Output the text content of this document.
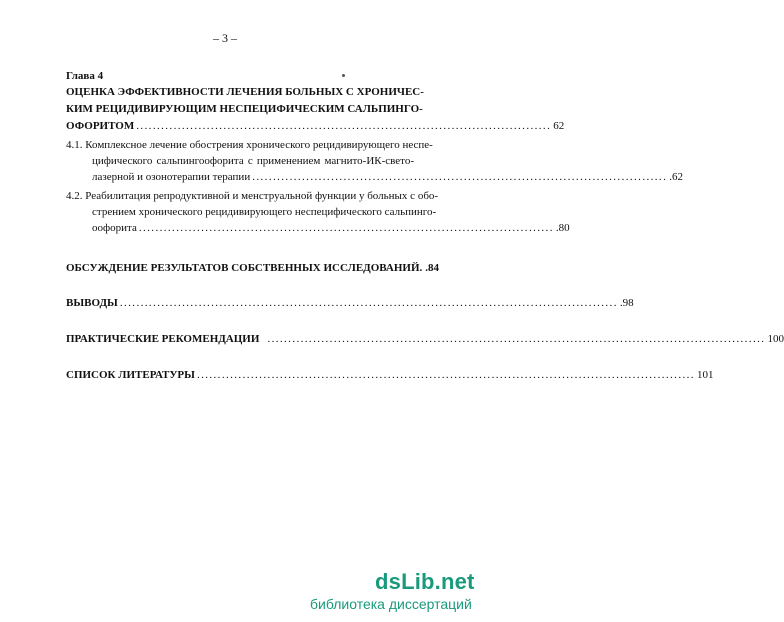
– 3 –
Глава 4
ОЦЕНКА ЭФФЕКТИВНОСТИ ЛЕЧЕНИЯ БОЛЬНЫХ С ХРОНИЧЕС-
КИМ РЕЦИДИВИРУЮЩИМ НЕСПЕЦИФИЧЕСКИМ САЛЬПИНГО-
ОФОРИТОМ .................................................................................................... 62
4.1. Комплексное лечение обострения хронического рецидивирующего неспе-
цифического сальпингоофорита с применением магнито-ИК-свето-
лазерной и озонотерапии терапии .................................................................................................... .62
4.2. Реабилитация репродуктивной и менструальной функции у больных с обо-
стрением хронического рецидивирующего неспецифического сальпинго-
оофорита .................................................................................................... .80
ОБСУЖДЕНИЕ РЕЗУЛЬТАТОВ СОБСТВЕННЫХ ИССЛЕДОВАНИЙ. .84
ВЫВОДЫ ........................................................................................................................ .98
ПРАКТИЧЕСКИЕ РЕКОМЕНДАЦИИ ........................................................................................................................ 100
СПИСОК ЛИТЕРАТУРЫ ........................................................................................................................ 101
dsLib.net
библиотека диссертаций
